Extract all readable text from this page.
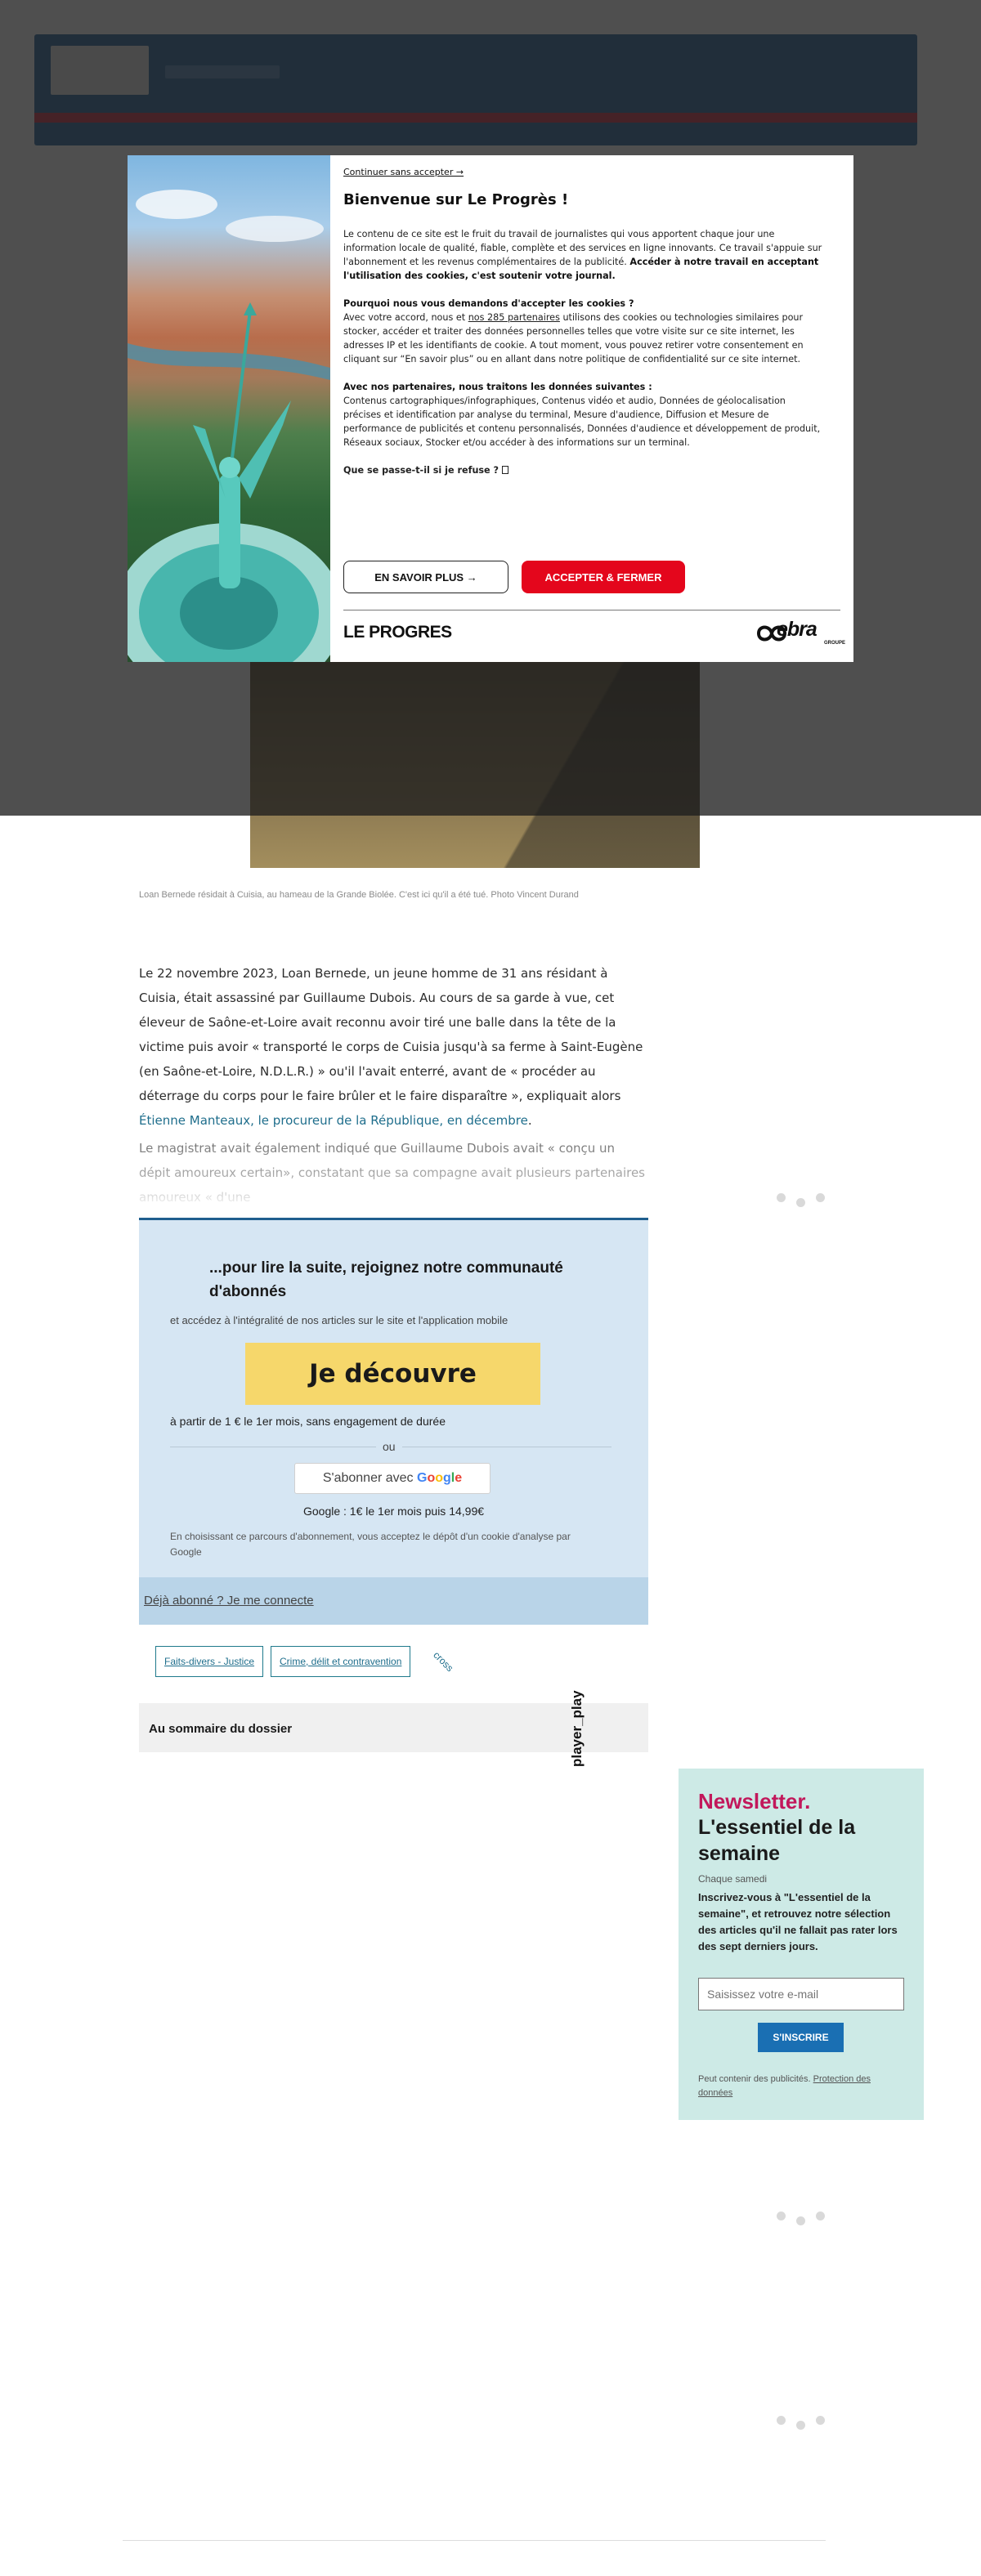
Continuer sans accepter →
Bienvenue sur Le Progrès !

Le contenu de ce site est le fruit du travail de journalistes qui vous apportent chaque jour une information locale de qualité, fiable, complète et des services en ligne innovants. Ce travail s'appuie sur l'abonnement et les revenus complémentaires de la publicité. Accéder à notre travail en acceptant l'utilisation des cookies, c'est soutenir votre journal.

Pourquoi nous vous demandons d'accepter les cookies ?
Avec votre accord, nous et nos 285 partenaires utilisons des cookies ou technologies similaires pour stocker, accéder et traiter des données personnelles telles que votre visite sur ce site internet, les adresses IP et les identifiants de cookie. A tout moment, vous pouvez retirer votre consentement en cliquant sur “En savoir plus” ou en allant dans notre politique de confidentialité sur ce site internet.

Avec nos partenaires, nous traitons les données suivantes :
Contenus cartographiques/infographiques, Contenus vidéo et audio, Données de géolocalisation précises et identification par analyse du terminal, Mesure d'audience, Diffusion et Mesure de performance de publicités et contenu personnalisés, Données d'audience et développement de produit, Réseaux sociaux, Stocker et/ou accéder à des informations sur un terminal.

Que se passe-t-il si je refuse ?

EN SAVOIR PLUS →	ACCEPTER & FERMER
LE PROGRES	ebra
GROUPE
Loan Bernede résidait à Cuisia, au hameau de la Grande Biolée. C'est ici qu'il a été tué. Photo Vincent Durand

Le 22 novembre 2023, Loan Bernede, un jeune homme de 31 ans résidant à Cuisia, était assassiné par Guillaume Dubois. Au cours de sa garde à vue, cet éleveur de Saône-et-Loire avait reconnu avoir tiré une balle dans la tête de la victime puis avoir « transporté le corps de Cuisia jusqu'à sa ferme à Saint-Eugène (en Saône-et-Loire, N.D.L.R.) » ou'il l'avait enterré, avant de « procéder au déterrage du corps pour le faire brûler et le faire disparaître », expliquait alors Étienne Manteaux, le procureur de la République, en décembre.

Le magistrat avait également indiqué que Guillaume Dubois avait « conçu un dépit amoureux certain», constatant que sa compagne avait plusieurs partenaires amoureux « d'une

...pour lire la suite, rejoignez notre communauté d'abonnés
et accédez à l'intégralité de nos articles sur le site et l'application mobile
Je découvre
à partir de 1 € le 1er mois, sans engagement de durée
ou
S'abonner avec Google
Google : 1€ le 1er mois puis 14,99€
En choisissant ce parcours d'abonnement, vous acceptez le dépôt d'un cookie d'analyse par Google
Déjà abonné ? Je me connecte
Faits-divers - Justice	Crime, délit et contravention	cross
Au sommaire du dossier	player_play
Newsletter.
L'essentiel de la semaine
Chaque samedi
Inscrivez-vous à "L'essentiel de la semaine", et retrouvez notre sélection des articles qu'il ne fallait pas rater lors des sept derniers jours.
Saisissez votre e-mail
S'INSCRIRE
Peut contenir des publicités. Protection des données
